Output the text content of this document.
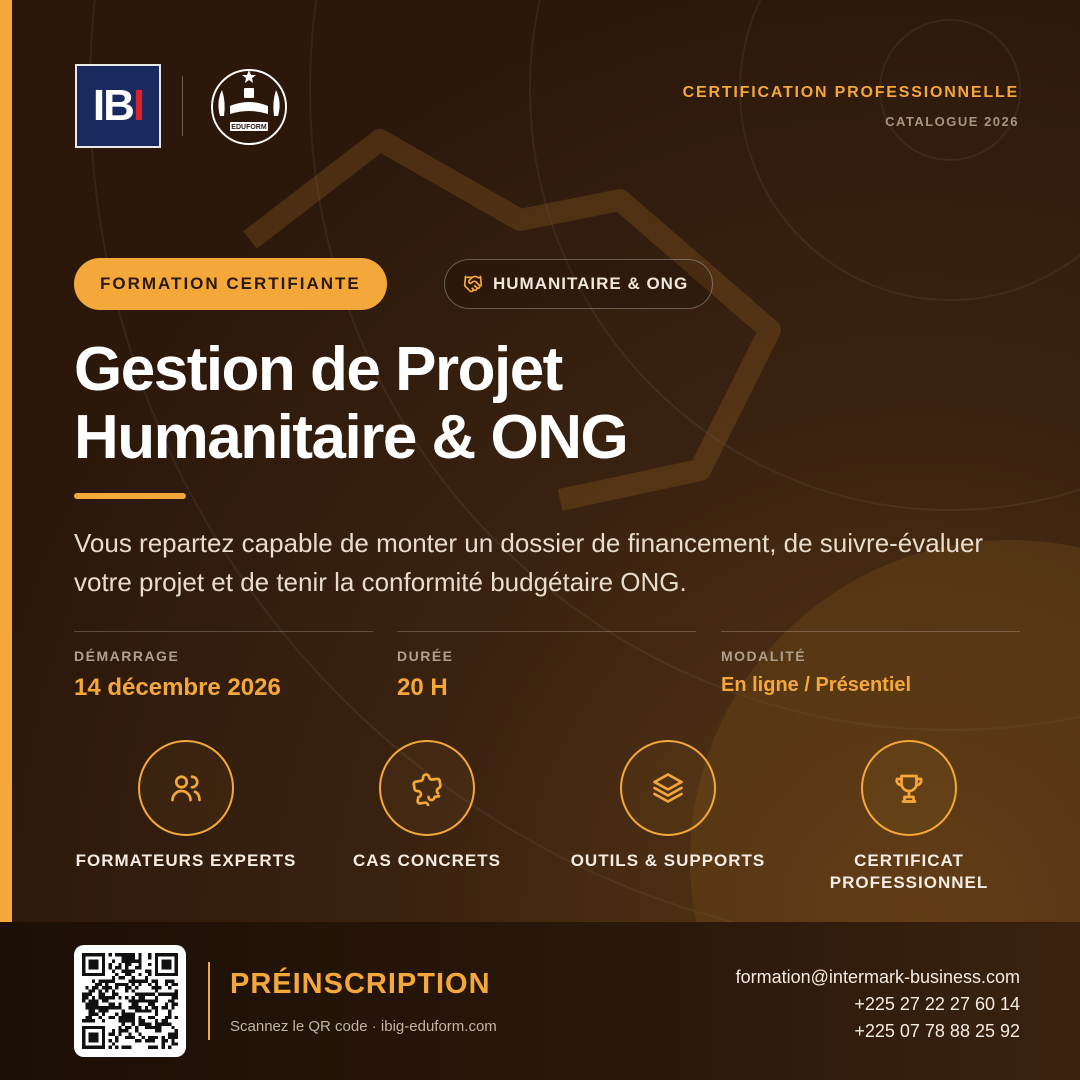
IB I	EDUFORM
CERTIFICATION PROFESSIONNELLE
CATALOGUE 2026
FORMATION CERTIFIANTE	HUMANITAIRE & ONG
Gestion de Projet
Humanitaire & ONG
Vous repartez capable de monter un dossier de financement, de suivre-évaluer votre projet et de tenir la conformité budgétaire ONG.
DÉMARRAGE
14 décembre 2026
DURÉE
20 H
MODALITÉ
En ligne / Présentiel
FORMATEURS EXPERTS	CAS CONCRETS	OUTILS & SUPPORTS	CERTIFICAT
PROFESSIONNEL
PRÉINSCRIPTION
Scannez le QR code · ibig-eduform.com
formation@intermark-business.com
+225 27 22 27 60 14
+225 07 78 88 25 92
